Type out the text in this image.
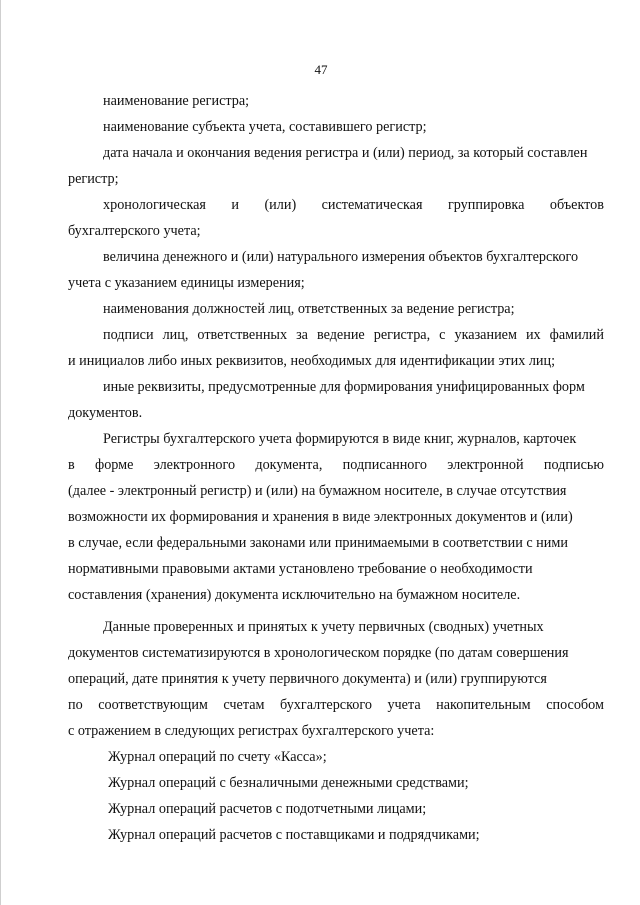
47
наименование регистра;
наименование субъекта учета, составившего регистр;
дата начала и окончания ведения регистра и (или) период, за который составлен
регистр;
хронологическая и (или) систематическая группировка объектов
бухгалтерского учета;
величина денежного и (или) натурального измерения объектов бухгалтерского
учета с указанием единицы измерения;
наименования должностей лиц, ответственных за ведение регистра;
подписи лиц, ответственных за ведение регистра, с указанием их фамилий
и инициалов либо иных реквизитов, необходимых для идентификации этих лиц;
иные реквизиты, предусмотренные для формирования унифицированных форм
документов.
Регистры бухгалтерского учета формируются в виде книг, журналов, карточек
в форме электронного документа, подписанного электронной подписью
(далее - электронный регистр) и (или) на бумажном носителе, в случае отсутствия
возможности их формирования и хранения в виде электронных документов и (или)
в случае, если федеральными законами или принимаемыми в соответствии с ними
нормативными правовыми актами установлено требование о необходимости
составления (хранения) документа исключительно на бумажном носителе.
Данные проверенных и принятых к учету первичных (сводных) учетных
документов систематизируются в хронологическом порядке (по датам совершения
операций, дате принятия к учету первичного документа) и (или) группируются
по соответствующим счетам бухгалтерского учета накопительным способом
с отражением в следующих регистрах бухгалтерского учета:
Журнал операций по счету «Касса»;
Журнал операций с безналичными денежными средствами;
Журнал операций расчетов с подотчетными лицами;
Журнал операций расчетов с поставщиками и подрядчиками;
